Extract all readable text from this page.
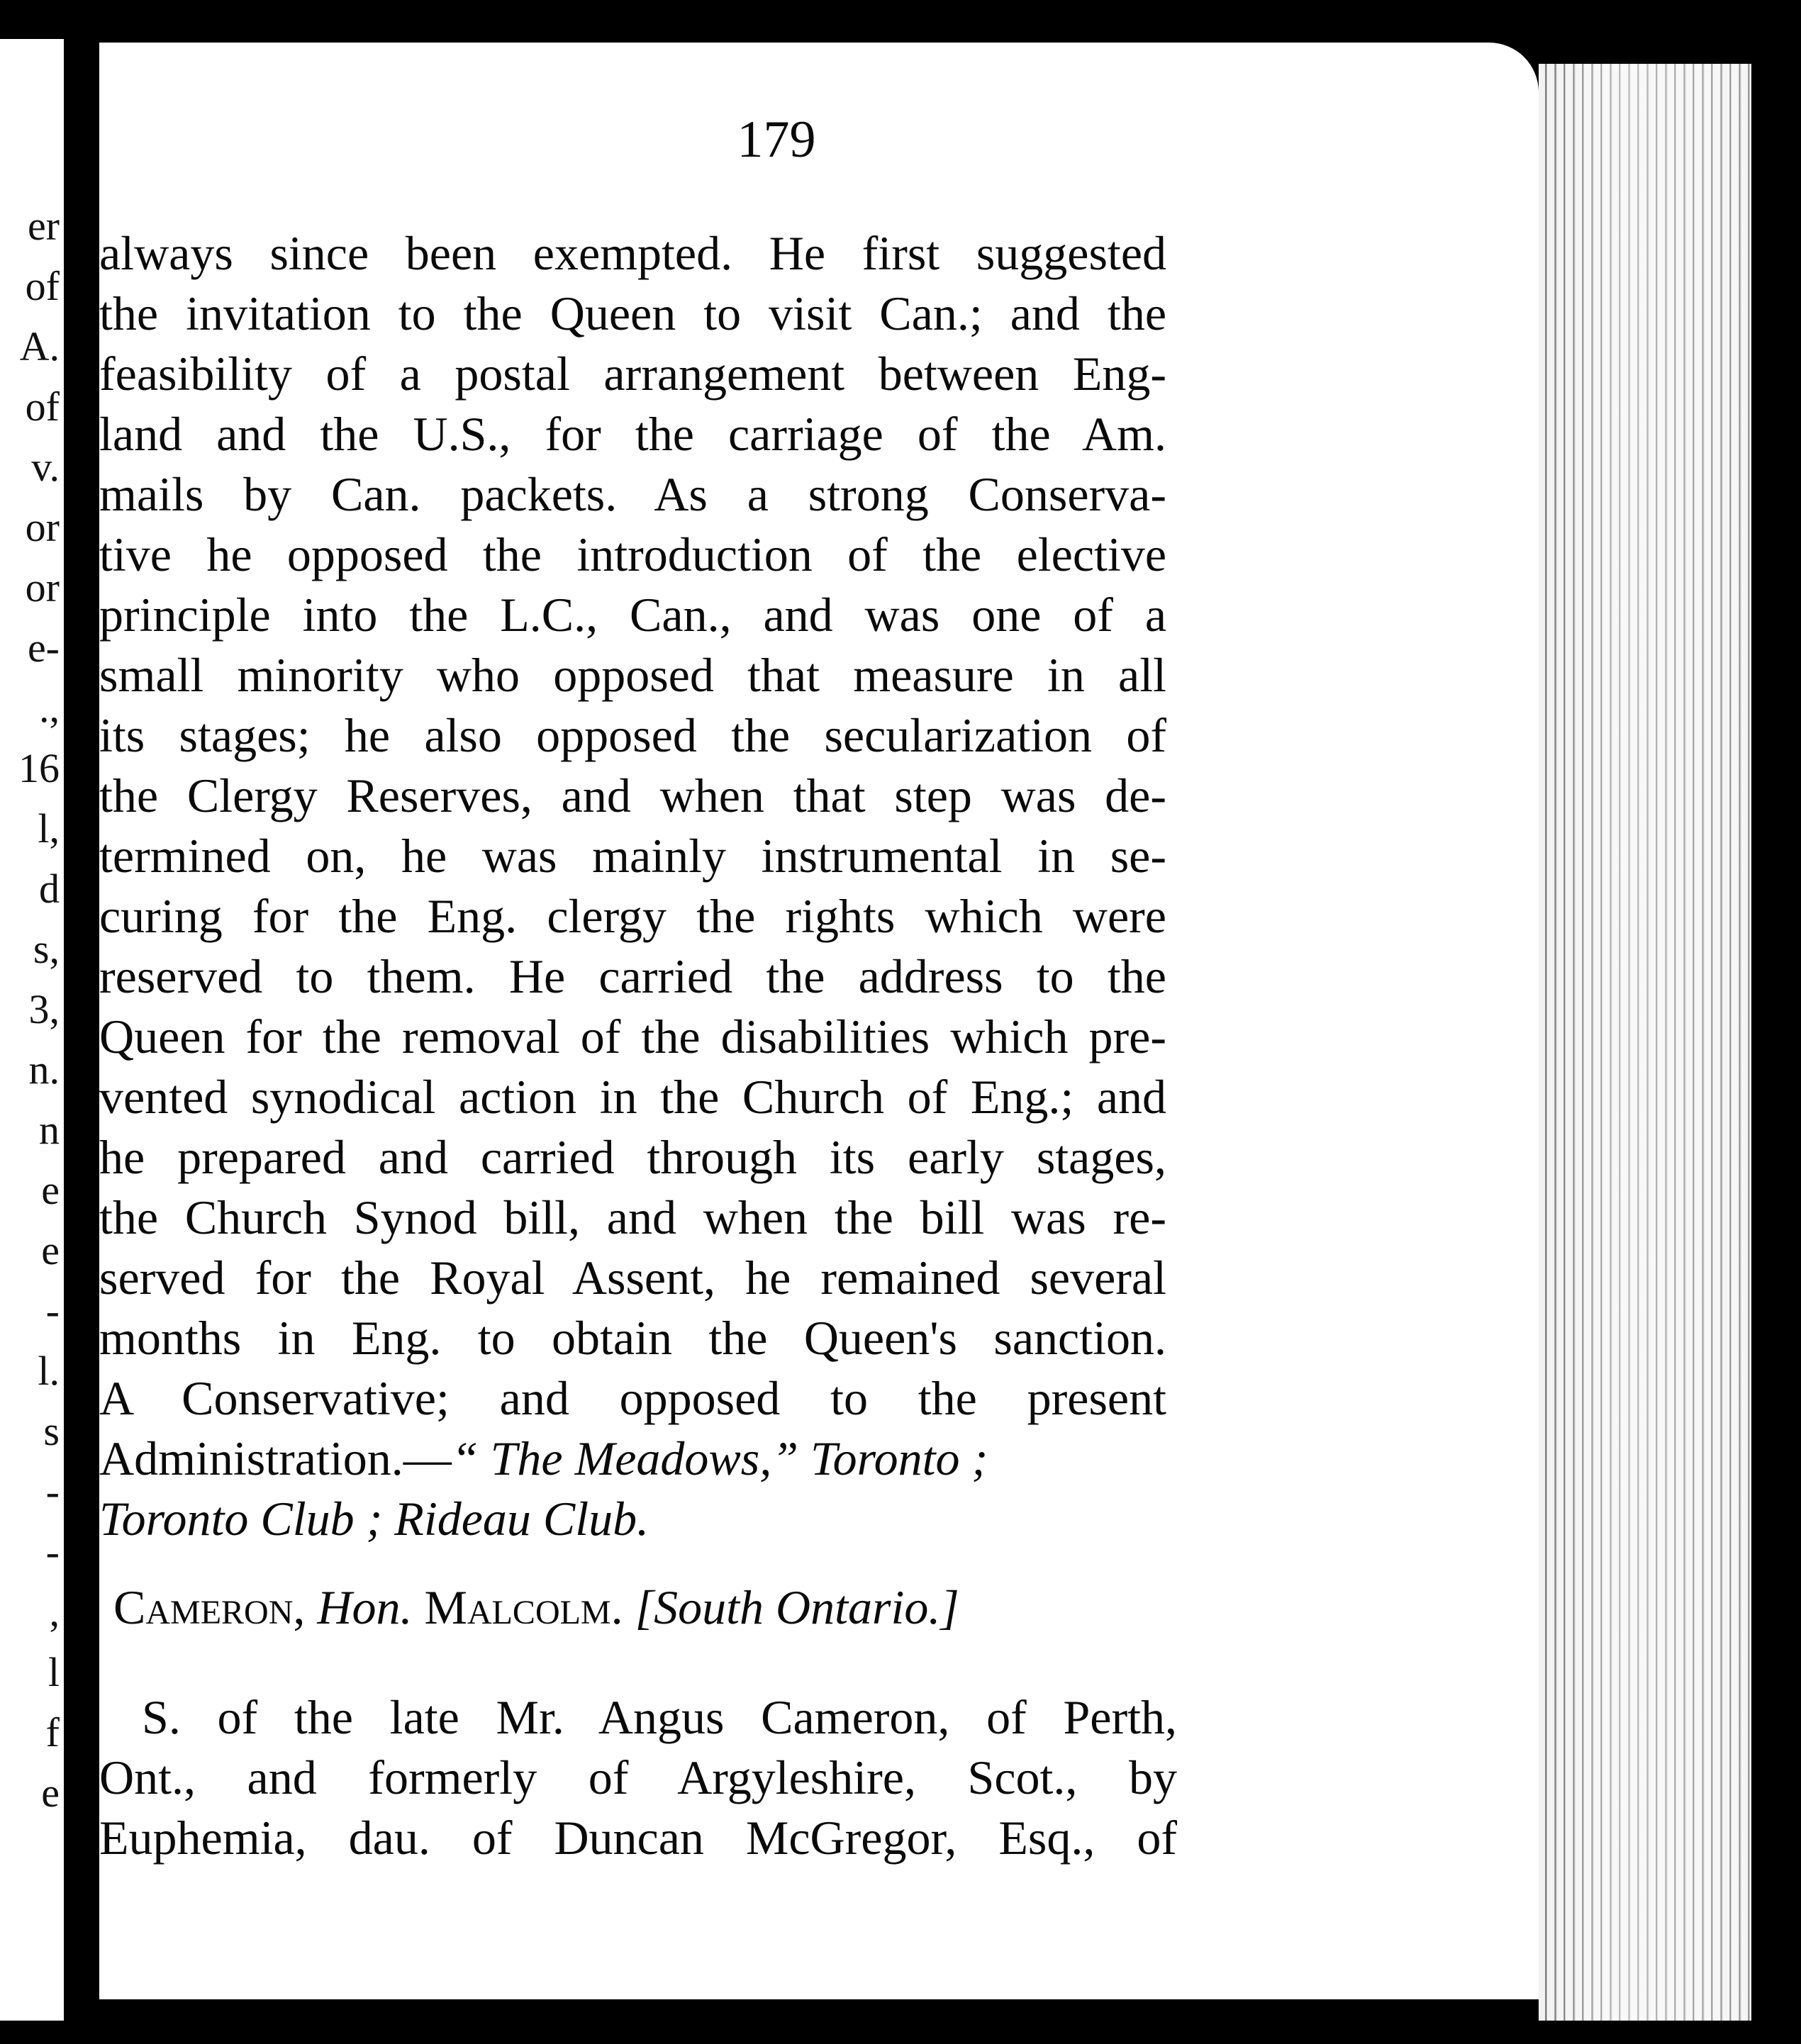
er
of
A.
of
v.
or
or
e-
.,
16
l,
d
s,
3,
n.
n
e
e
-
l.
s
-
-
,
l
f
e
179
always since been exempted. He first suggested
the invitation to the Queen to visit Can.; and the
feasibility of a postal arrangement between Eng-
land and the U.S., for the carriage of the Am.
mails by Can. packets. As a strong Conserva-
tive he opposed the introduction of the elective
principle into the L.C., Can., and was one of a
small minority who opposed that measure in all
its stages; he also opposed the secularization of
the Clergy Reserves, and when that step was de-
termined on, he was mainly instrumental in se-
curing for the Eng. clergy the rights which were
reserved to them. He carried the address to the
Queen for the removal of the disabilities which pre-
vented synodical action in the Church of Eng.; and
he prepared and carried through its early stages,
the Church Synod bill, and when the bill was re-
served for the Royal Assent, he remained several
months in Eng. to obtain the Queen's sanction.
A Conservative; and opposed to the present
Administration.—“ The Meadows,” Toronto ;
Toronto Club ; Rideau Club.
Cameron, Hon. Malcolm. [South Ontario.]
S. of the late Mr. Angus Cameron, of Perth,
Ont., and formerly of Argyleshire, Scot., by
Euphemia, dau. of Duncan McGregor, Esq., of
